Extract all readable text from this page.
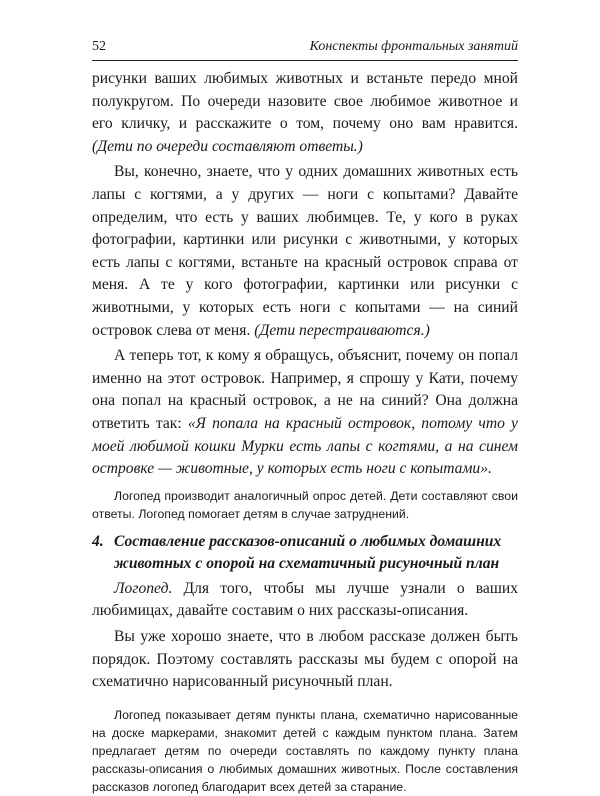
52	Конспекты фронтальных занятий

рисунки ваших любимых животных и встаньте передо мной полукругом. По очереди назовите свое любимое животное и его кличку, и расскажите о том, почему оно вам нравится. (Дети по очереди составляют ответы.)

Вы, конечно, знаете, что у одних домашних животных есть лапы с когтями, а у других — ноги с копытами? Давайте определим, что есть у ваших любимцев. Те, у кого в руках фотографии, картинки или рисунки с животными, у которых есть лапы с когтями, встаньте на красный островок справа от меня. А те у кого фотографии, картинки или рисунки с животными, у которых есть ноги с копытами — на синий островок слева от меня. (Дети перестраиваются.)

А теперь тот, к кому я обращусь, объяснит, почему он попал именно на этот островок. Например, я спрошу у Кати, почему она попал на красный островок, а не на синий? Она должна ответить так: «Я попала на красный островок, потому что у моей любимой кошки Мурки есть лапы с когтями, а на синем островке — животные, у которых есть ноги с копытами».

Логопед производит аналогичный опрос детей. Дети составляют свои ответы. Логопед помогает детям в случае затруднений.

4. Составление рассказов-описаний о любимых домашних животных с опорой на схематичный рисуночный план

Логопед. Для того, чтобы мы лучше узнали о ваших любимицах, давайте составим о них рассказы-описания.

Вы уже хорошо знаете, что в любом рассказе должен быть порядок. Поэтому составлять рассказы мы будем с опорой на схематично нарисованный рисуночный план.

Логопед показывает детям пункты плана, схематично нарисованные на доске маркерами, знакомит детей с каждым пунктом плана. Затем предлагает детям по очереди составлять по каждому пункту плана рассказы-описания о любимых домашних животных. После составления рассказов логопед благодарит всех детей за старание.
